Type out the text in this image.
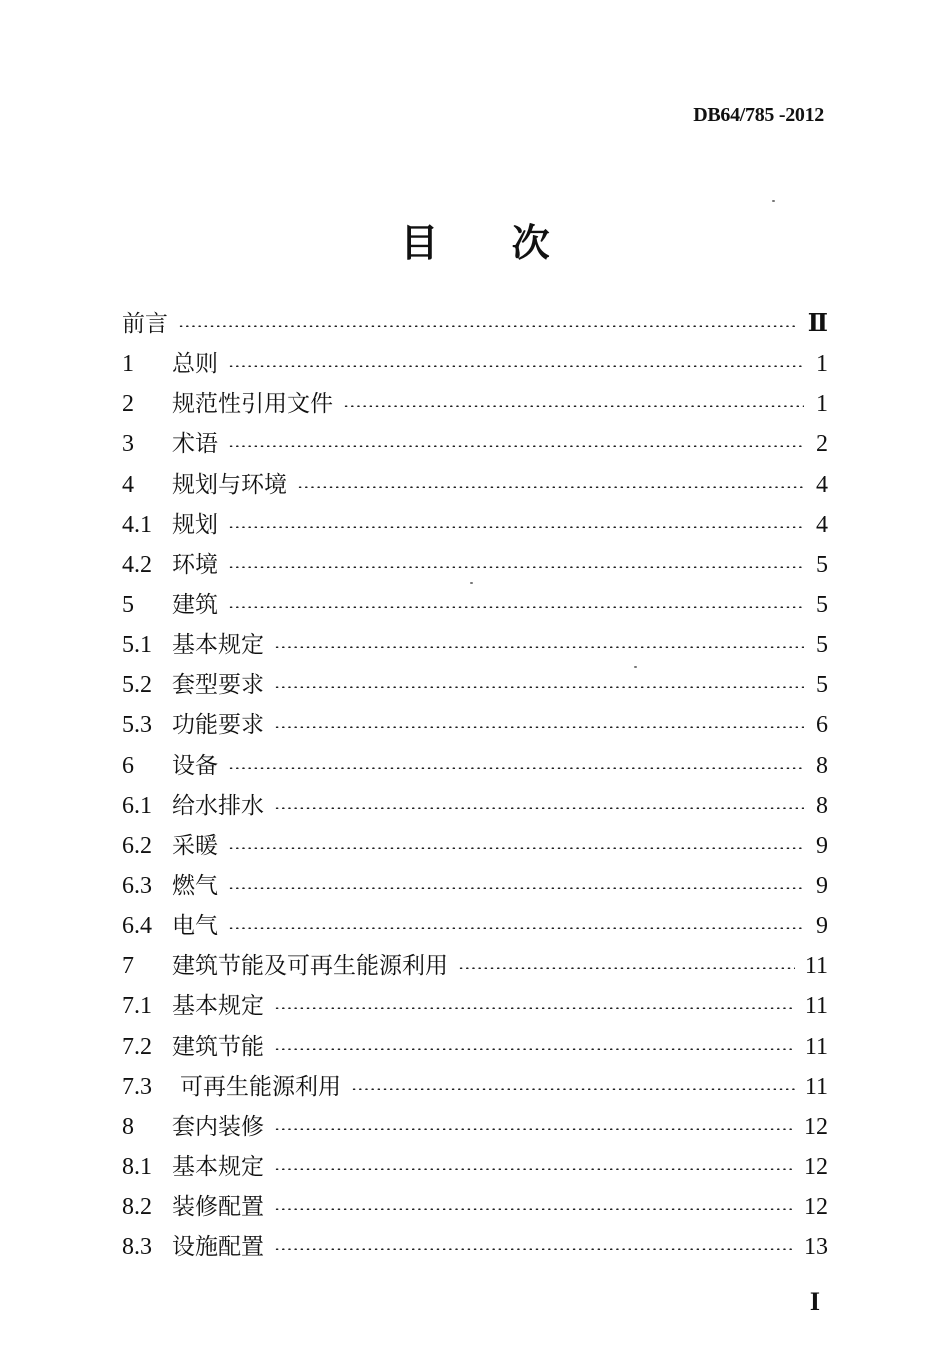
DB64/785 -2012
目 次
前言	Ⅱ
1	总则	1
2	规范性引用文件	1
3	术语	2
4	规划与环境	4
4.1 规划	4
4.2 环境	5
5	建筑	5
5.1 基本规定	5
5.2 套型要求	5
5.3 功能要求	6
6	设备	8
6.1 给水排水	8
6.2 采暖	9
6.3 燃气	9
6.4 电气	9
7	建筑节能及可再生能源利用	11
7.1 基本规定	11
7.2 建筑节能	11
7.3	可再生能源利用	11
8	套内装修	12
8.1 基本规定	12
8.2 装修配置	12
8.3 设施配置	13
I
